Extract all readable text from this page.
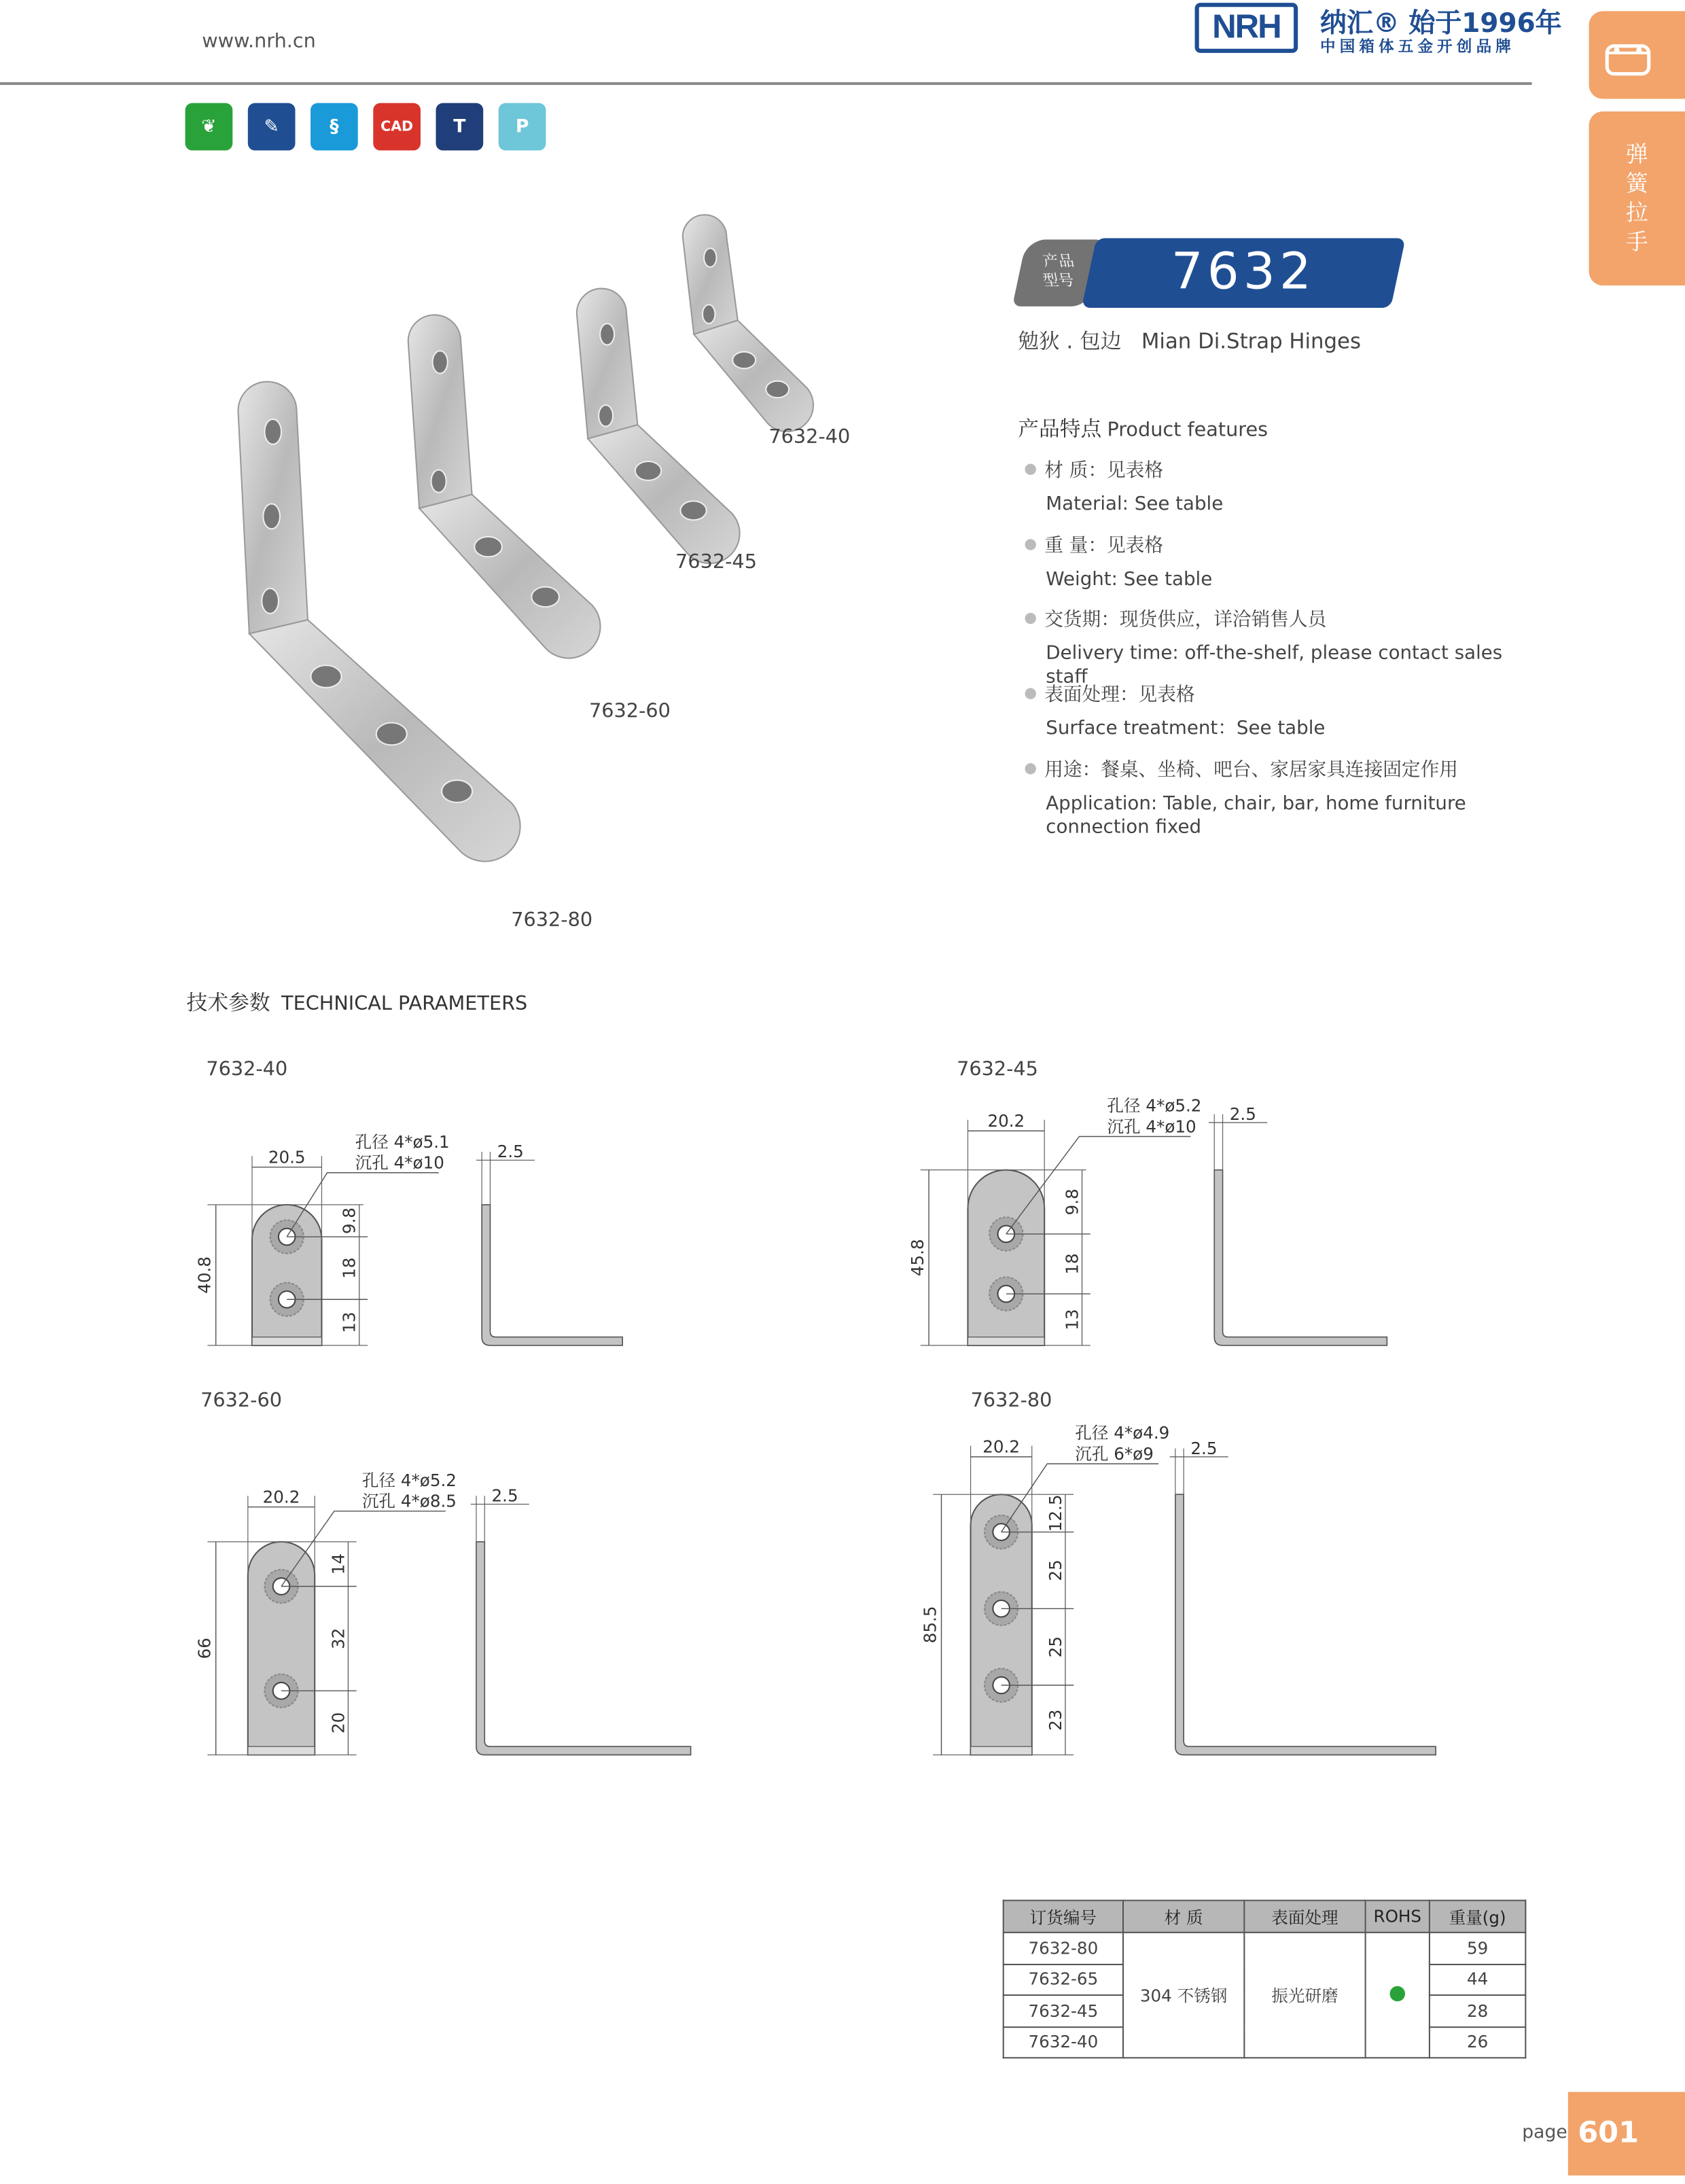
www.nrh.cn	NRH	纳汇® 始于1996年
中国箱体五金开创品牌
弹簧拉手
❦	✎	§	CAD	T	P
7632-40
7632-45
7632-60
7632-80
产品
型号	7632
勉狄 . 包边 Mian Di.Strap Hinges
产品特点 Product features
材 质：见表格
Material: See table
重 量：见表格
Weight: See table
交货期：现货供应，详洽销售人员
Delivery time: off-the-shelf, please contact sales staff
表面处理：见表格
Surface treatment：See table
用途：餐桌、坐椅、吧台、家居家具连接固定作用
Application: Table, chair, bar, home furniture connection fixed
技术参数 TECHNICAL PARAMETERS
7632-40
40.8
20.5
9.8
18
13
孔径 4*ø5.1
沉孔 4*ø10
2.5
7632-45
45.8
20.2
9.8
18
13
孔径 4*ø5.2
沉孔 4*ø10
2.5
7632-60
66
20.2
14
32
20
孔径 4*ø5.2
沉孔 4*ø8.5	2.5
7632-80
85.5
20.2
12.5
25
25
23
孔径 4*ø4.9
沉孔 6*ø9	2.5
订货编号	材 质	表面处理	ROHS	重量(g)
7632-80	304 不锈钢	振光研磨		59
7632-65				44
7632-45				28
7632-40				26
page 601
